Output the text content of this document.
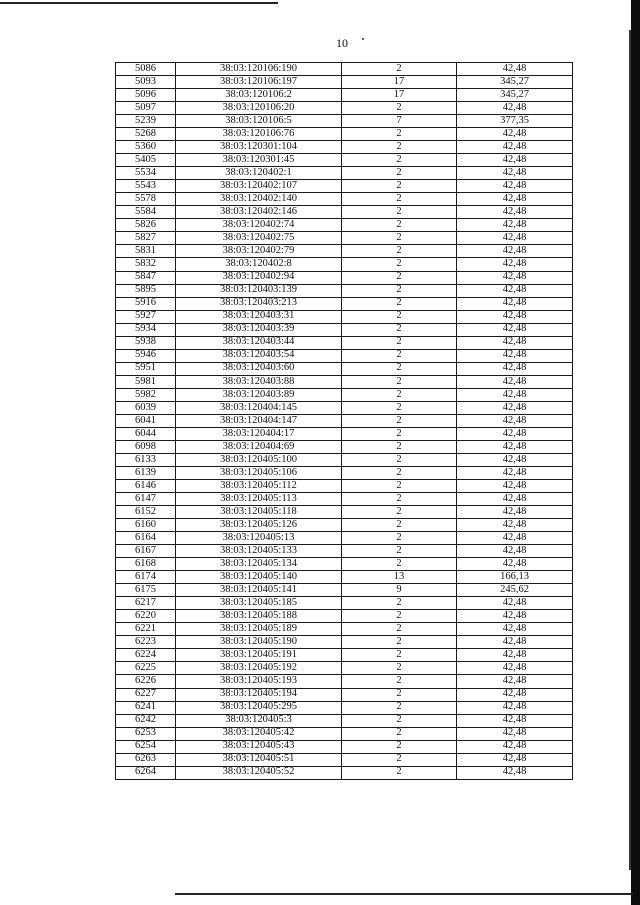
10
5086	38:03:120106:190	2	42,48
5093	38:03:120106:197	17	345,27
5096	38:03:120106:2	17	345,27
5097	38:03:120106:20	2	42,48
5239	38:03:120106:5	7	377,35
5268	38:03:120106:76	2	42,48
5360	38:03:120301:104	2	42,48
5405	38:03:120301:45	2	42,48
5534	38:03:120402:1	2	42,48
5543	38:03:120402:107	2	42,48
5578	38:03:120402:140	2	42,48
5584	38:03:120402:146	2	42,48
5826	38:03:120402:74	2	42,48
5827	38:03:120402:75	2	42,48
5831	38:03:120402:79	2	42,48
5832	38:03:120402:8	2	42,48
5847	38:03:120402:94	2	42,48
5895	38:03:120403:139	2	42,48
5916	38:03:120403:213	2	42,48
5927	38:03:120403:31	2	42,48
5934	38:03:120403:39	2	42,48
5938	38:03:120403:44	2	42,48
5946	38:03:120403:54	2	42,48
5951	38:03:120403:60	2	42,48
5981	38:03:120403:88	2	42,48
5982	38:03:120403:89	2	42,48
6039	38:03:120404:145	2	42,48
6041	38:03:120404:147	2	42,48
6044	38:03:120404:17	2	42,48
6098	38:03:120404:69	2	42,48
6133	38:03:120405:100	2	42,48
6139	38:03:120405:106	2	42,48
6146	38:03:120405:112	2	42,48
6147	38:03:120405:113	2	42,48
6152	38:03:120405:118	2	42,48
6160	38:03:120405:126	2	42,48
6164	38:03:120405:13	2	42,48
6167	38:03:120405:133	2	42,48
6168	38:03:120405:134	2	42,48
6174	38:03:120405:140	13	166,13
6175	38:03:120405:141	9	245,62
6217	38:03:120405:185	2	42,48
6220	38:03:120405:188	2	42,48
6221	38:03:120405:189	2	42,48
6223	38:03:120405:190	2	42,48
6224	38:03:120405:191	2	42,48
6225	38:03:120405:192	2	42,48
6226	38:03:120405:193	2	42,48
6227	38:03:120405:194	2	42,48
6241	38:03:120405:295	2	42,48
6242	38:03:120405:3	2	42,48
6253	38:03:120405:42	2	42,48
6254	38:03:120405:43	2	42,48
6263	38:03:120405:51	2	42,48
6264	38:03:120405:52	2	42,48
